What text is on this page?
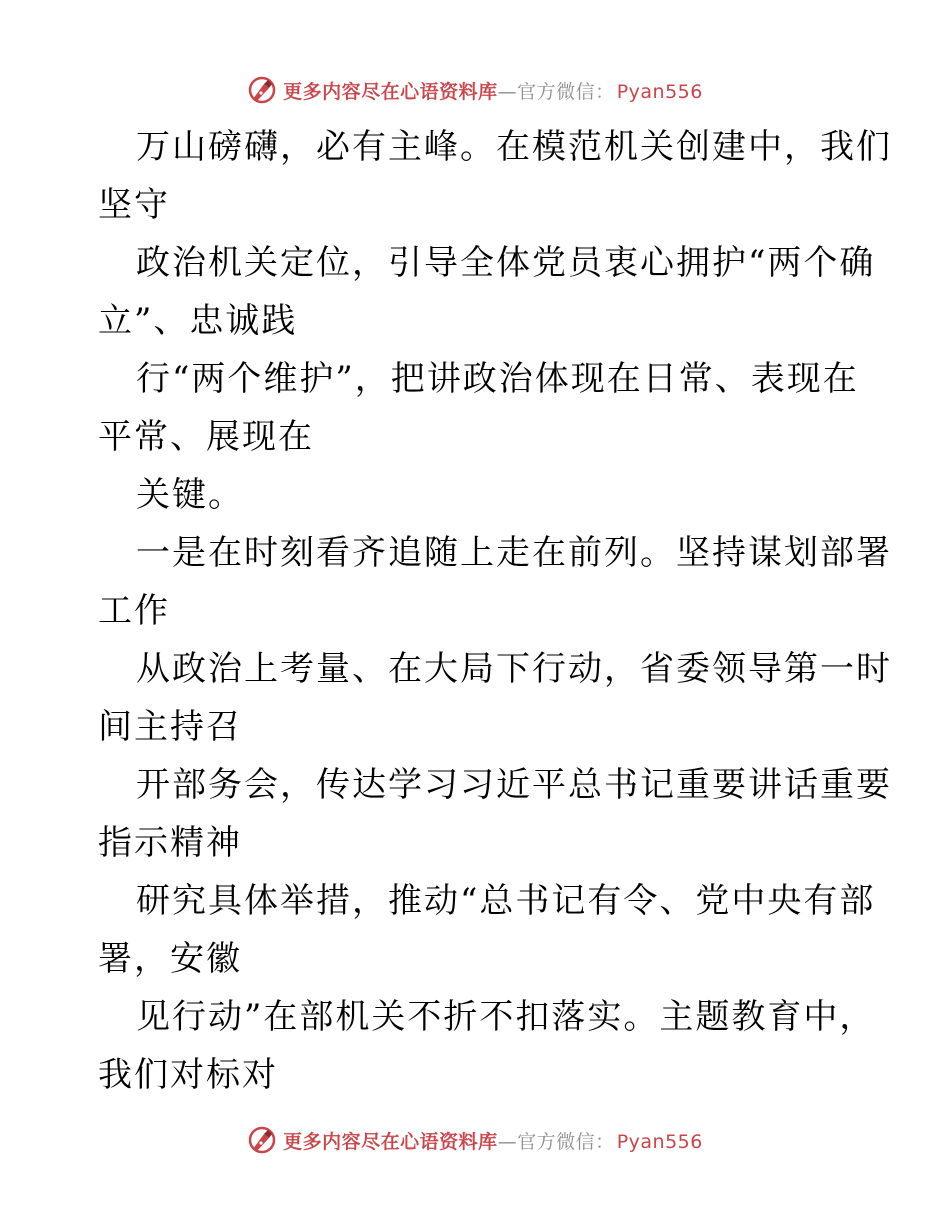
更多内容尽在心语资料库 — 官方微信： Pyan556
万山磅礴，必有主峰。在模范机关创建中，我们
坚守
政治机关定位，引导全体党员衷心拥护“两个确
立”、忠诚践
行“两个维护”，把讲政治体现在日常、表现在
平常、展现在
关键。
一是在时刻看齐追随上走在前列。坚持谋划部署
工作
从政治上考量、在大局下行动，省委领导第一时
间主持召
开部务会，传达学习习近平总书记重要讲话重要
指示精神
研究具体举措，推动“总书记有令、党中央有部
署，安徽
见行动”在部机关不折不扣落实。主题教育中，
我们对标对
更多内容尽在心语资料库 — 官方微信： Pyan556
